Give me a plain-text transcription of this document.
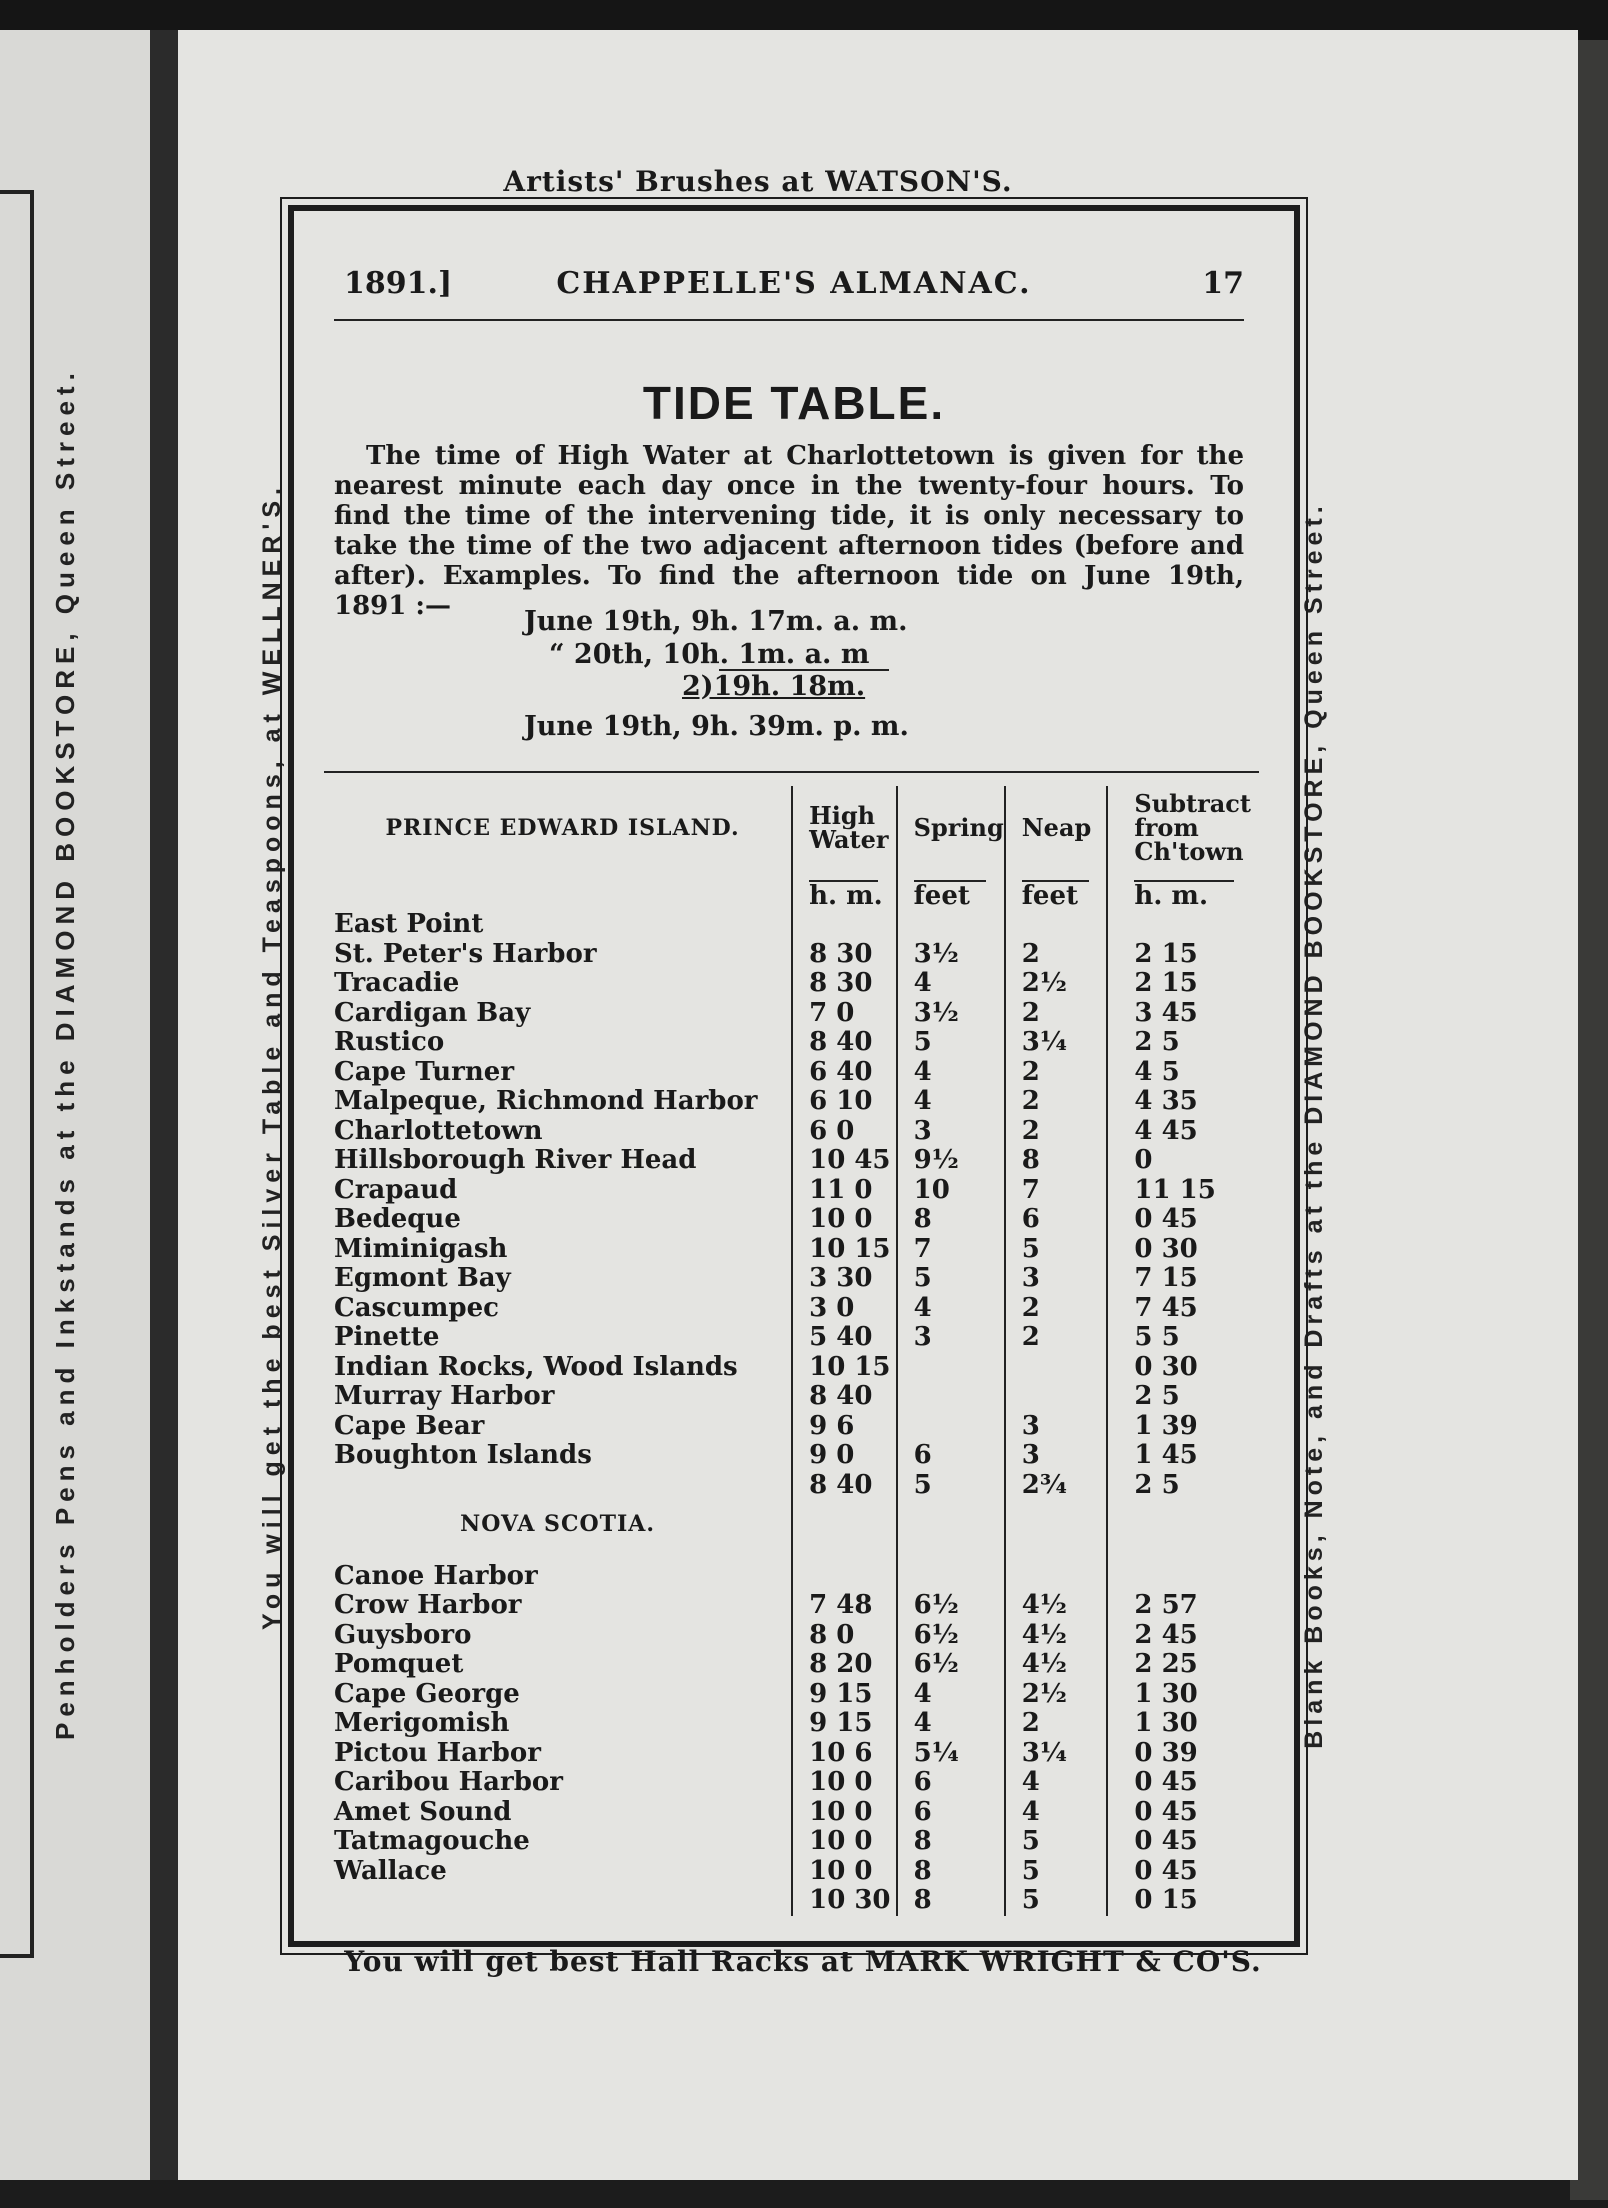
Penholders Pens and Inkstands at the DIAMOND BOOKSTORE, Queen Street.
Artists' Brushes at WATSON'S.
You will get the best Silver Table and Teaspoons, at WELLNER'S.	Blank Books, Note, and Drafts at the DIAMOND BOOKSTORE, Queen Street.
CHAPPELLE'S ALMANAC.
1891.]	17
TIDE TABLE.

The time of High Water at Charlottetown is given for the nearest minute each day once in the twenty-four hours. To find the time of the intervening tide, it is only necessary to take the time of the two adjacent afternoon tides (before and after). Examples. To find the afternoon tide on June 19th, 1891 :—	June 19th, 9h. 17m. a. m.
“ 20th, 10h. 1m. a. m
2)19h. 18m.
June 19th, 9h. 39m. p. m.
PRINCE EDWARD ISLAND.	High Water	Spring	Neap	Subtract from Ch'town
	h. m.	feet	feet	h. m.
East Point				
St. Peter's Harbor	8 30	3½	2	2 15
Tracadie	8 30	4	2½	2 15
Cardigan Bay	7 0	3½	2	3 45
Rustico	8 40	5	3¼	2 5
Cape Turner	6 40	4	2	4 5
Malpeque, Richmond Harbor	6 10	4	2	4 35
Charlottetown	6 0	3	2	4 45
Hillsborough River Head	10 45	9½	8	0
Crapaud	11 0	10	7	11 15
Bedeque	10 0	8	6	0 45
Miminigash	10 15	7	5	0 30
Egmont Bay	3 30	5	3	7 15
Cascumpec	3 0	4	2	7 45
Pinette	5 40	3	2	5 5
Indian Rocks, Wood Islands	10 15			0 30
Murray Harbor	8 40			2 5
Cape Bear	9 6		3	1 39
Boughton Islands	9 0	6	3	1 45
	8 40	5	2¾	2 5
NOVA SCOTIA.				
Canoe Harbor				
Crow Harbor	7 48	6½	4½	2 57
Guysboro	8 0	6½	4½	2 45
Pomquet	8 20	6½	4½	2 25
Cape George	9 15	4	2½	1 30
Merigomish	9 15	4	2	1 30
Pictou Harbor	10 6	5¼	3¼	0 39
Caribou Harbor	10 0	6	4	0 45
Amet Sound	10 0	6	4	0 45
Tatmagouche	10 0	8	5	0 45
Wallace	10 0	8	5	0 45
	10 30	8	5	0 15
You will get best Hall Racks at MARK WRIGHT & CO'S.
